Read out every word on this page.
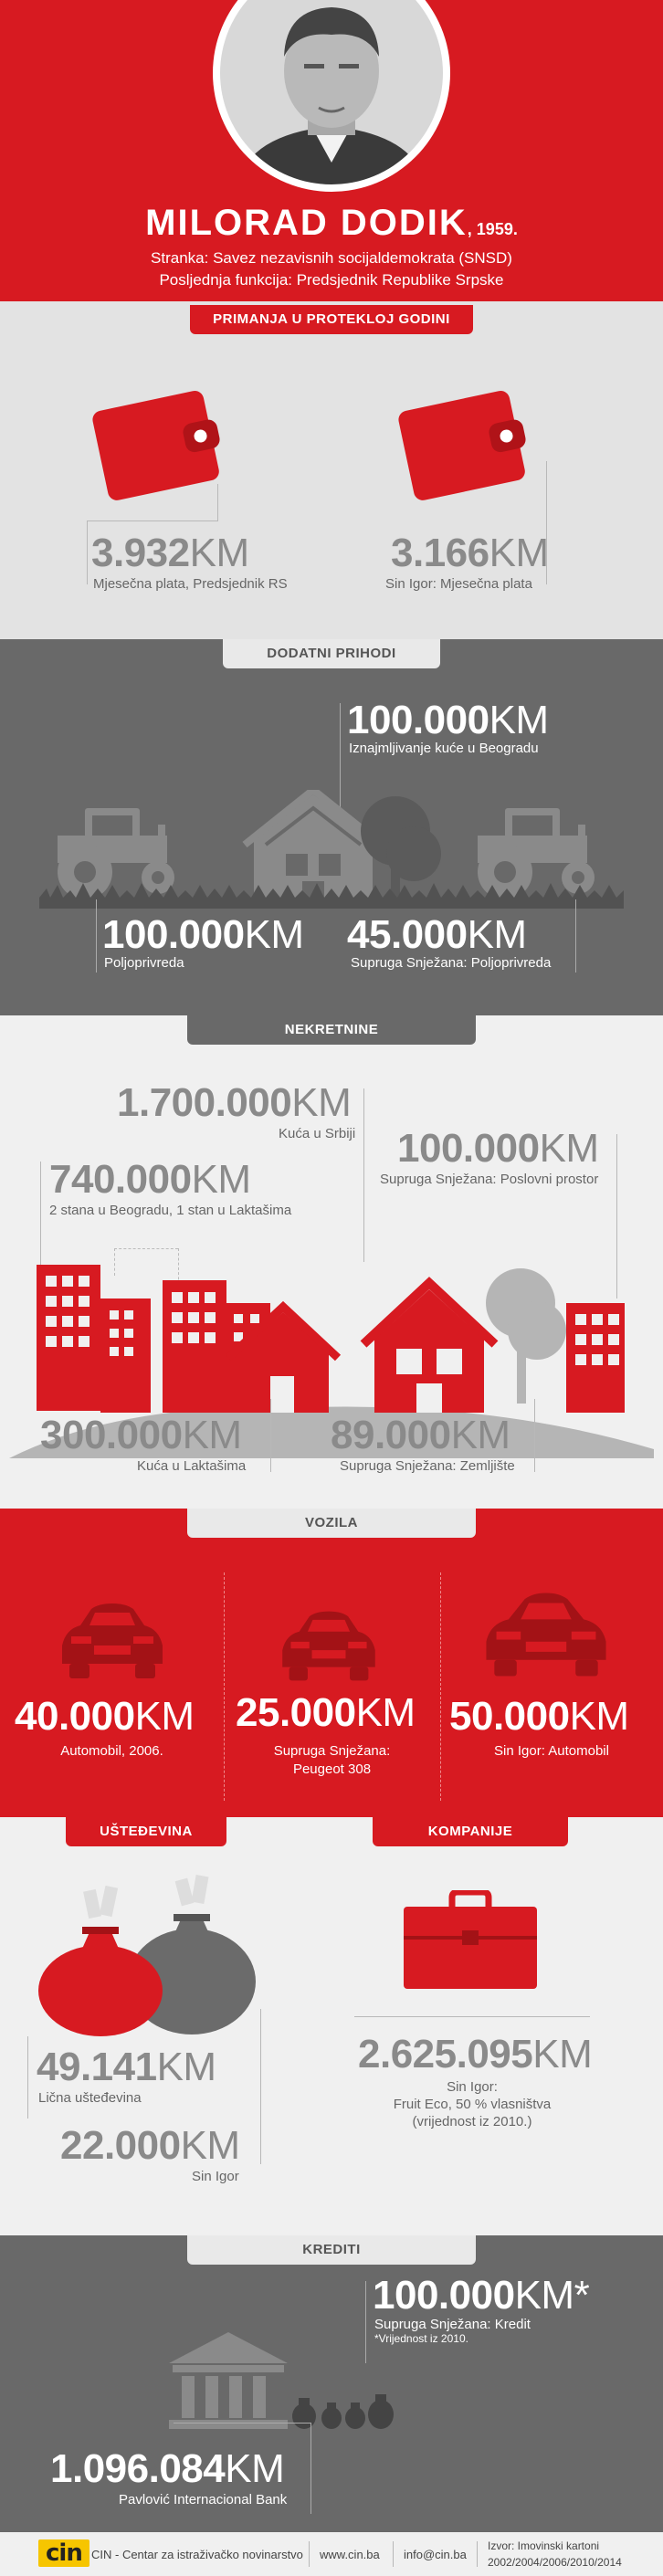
MILORAD DODIK, 1959.
Stranka: Savez nezavisnih socijaldemokrata (SNSD)
Posljednja funkcija: Predsjednik Republike Srpske
PRIMANJA U PROTEKLOJ GODINI
3.932KM
Mjesečna plata, Predsjednik RS
3.166KM
Sin Igor: Mjesečna plata
DODATNI PRIHODI
100.000KM
Iznajmljivanje kuće u Beogradu
100.000KM
Poljoprivreda
45.000KM
Supruga Snježana: Poljoprivreda
NEKRETNINE
1.700.000KM
Kuća u Srbiji 100.000KM
Supruga Snježana: Poslovni prostor
740.000KM
2 stana u Beogradu, 1 stan u Laktašima
300.000KM
Kuća u Laktašima
89.000KM
Supruga Snježana: Zemljište
VOZILA
40.000KM
Automobil, 2006.
25.000KM
Supruga Snježana:
Peugeot 308
50.000KM
Sin Igor: Automobil
UŠTEĐEVINA	KOMPANIJE
49.141KM
Lična ušteđevina
22.000KM
Sin Igor
2.625.095KM
Sin Igor:
Fruit Eco, 50 % vlasništva
(vrijednost iz 2010.)
KREDITI
100.000KM*
Supruga Snježana: Kredit
*Vrijednost iz 2010.
1.096.084KM
Pavlović Internacional Bank
cin CIN - Centar za istraživačko novinarstvo www.cin.ba info@cin.ba
Izvor: Imovinski kartoni
2002/2004/2006/2010/2014
